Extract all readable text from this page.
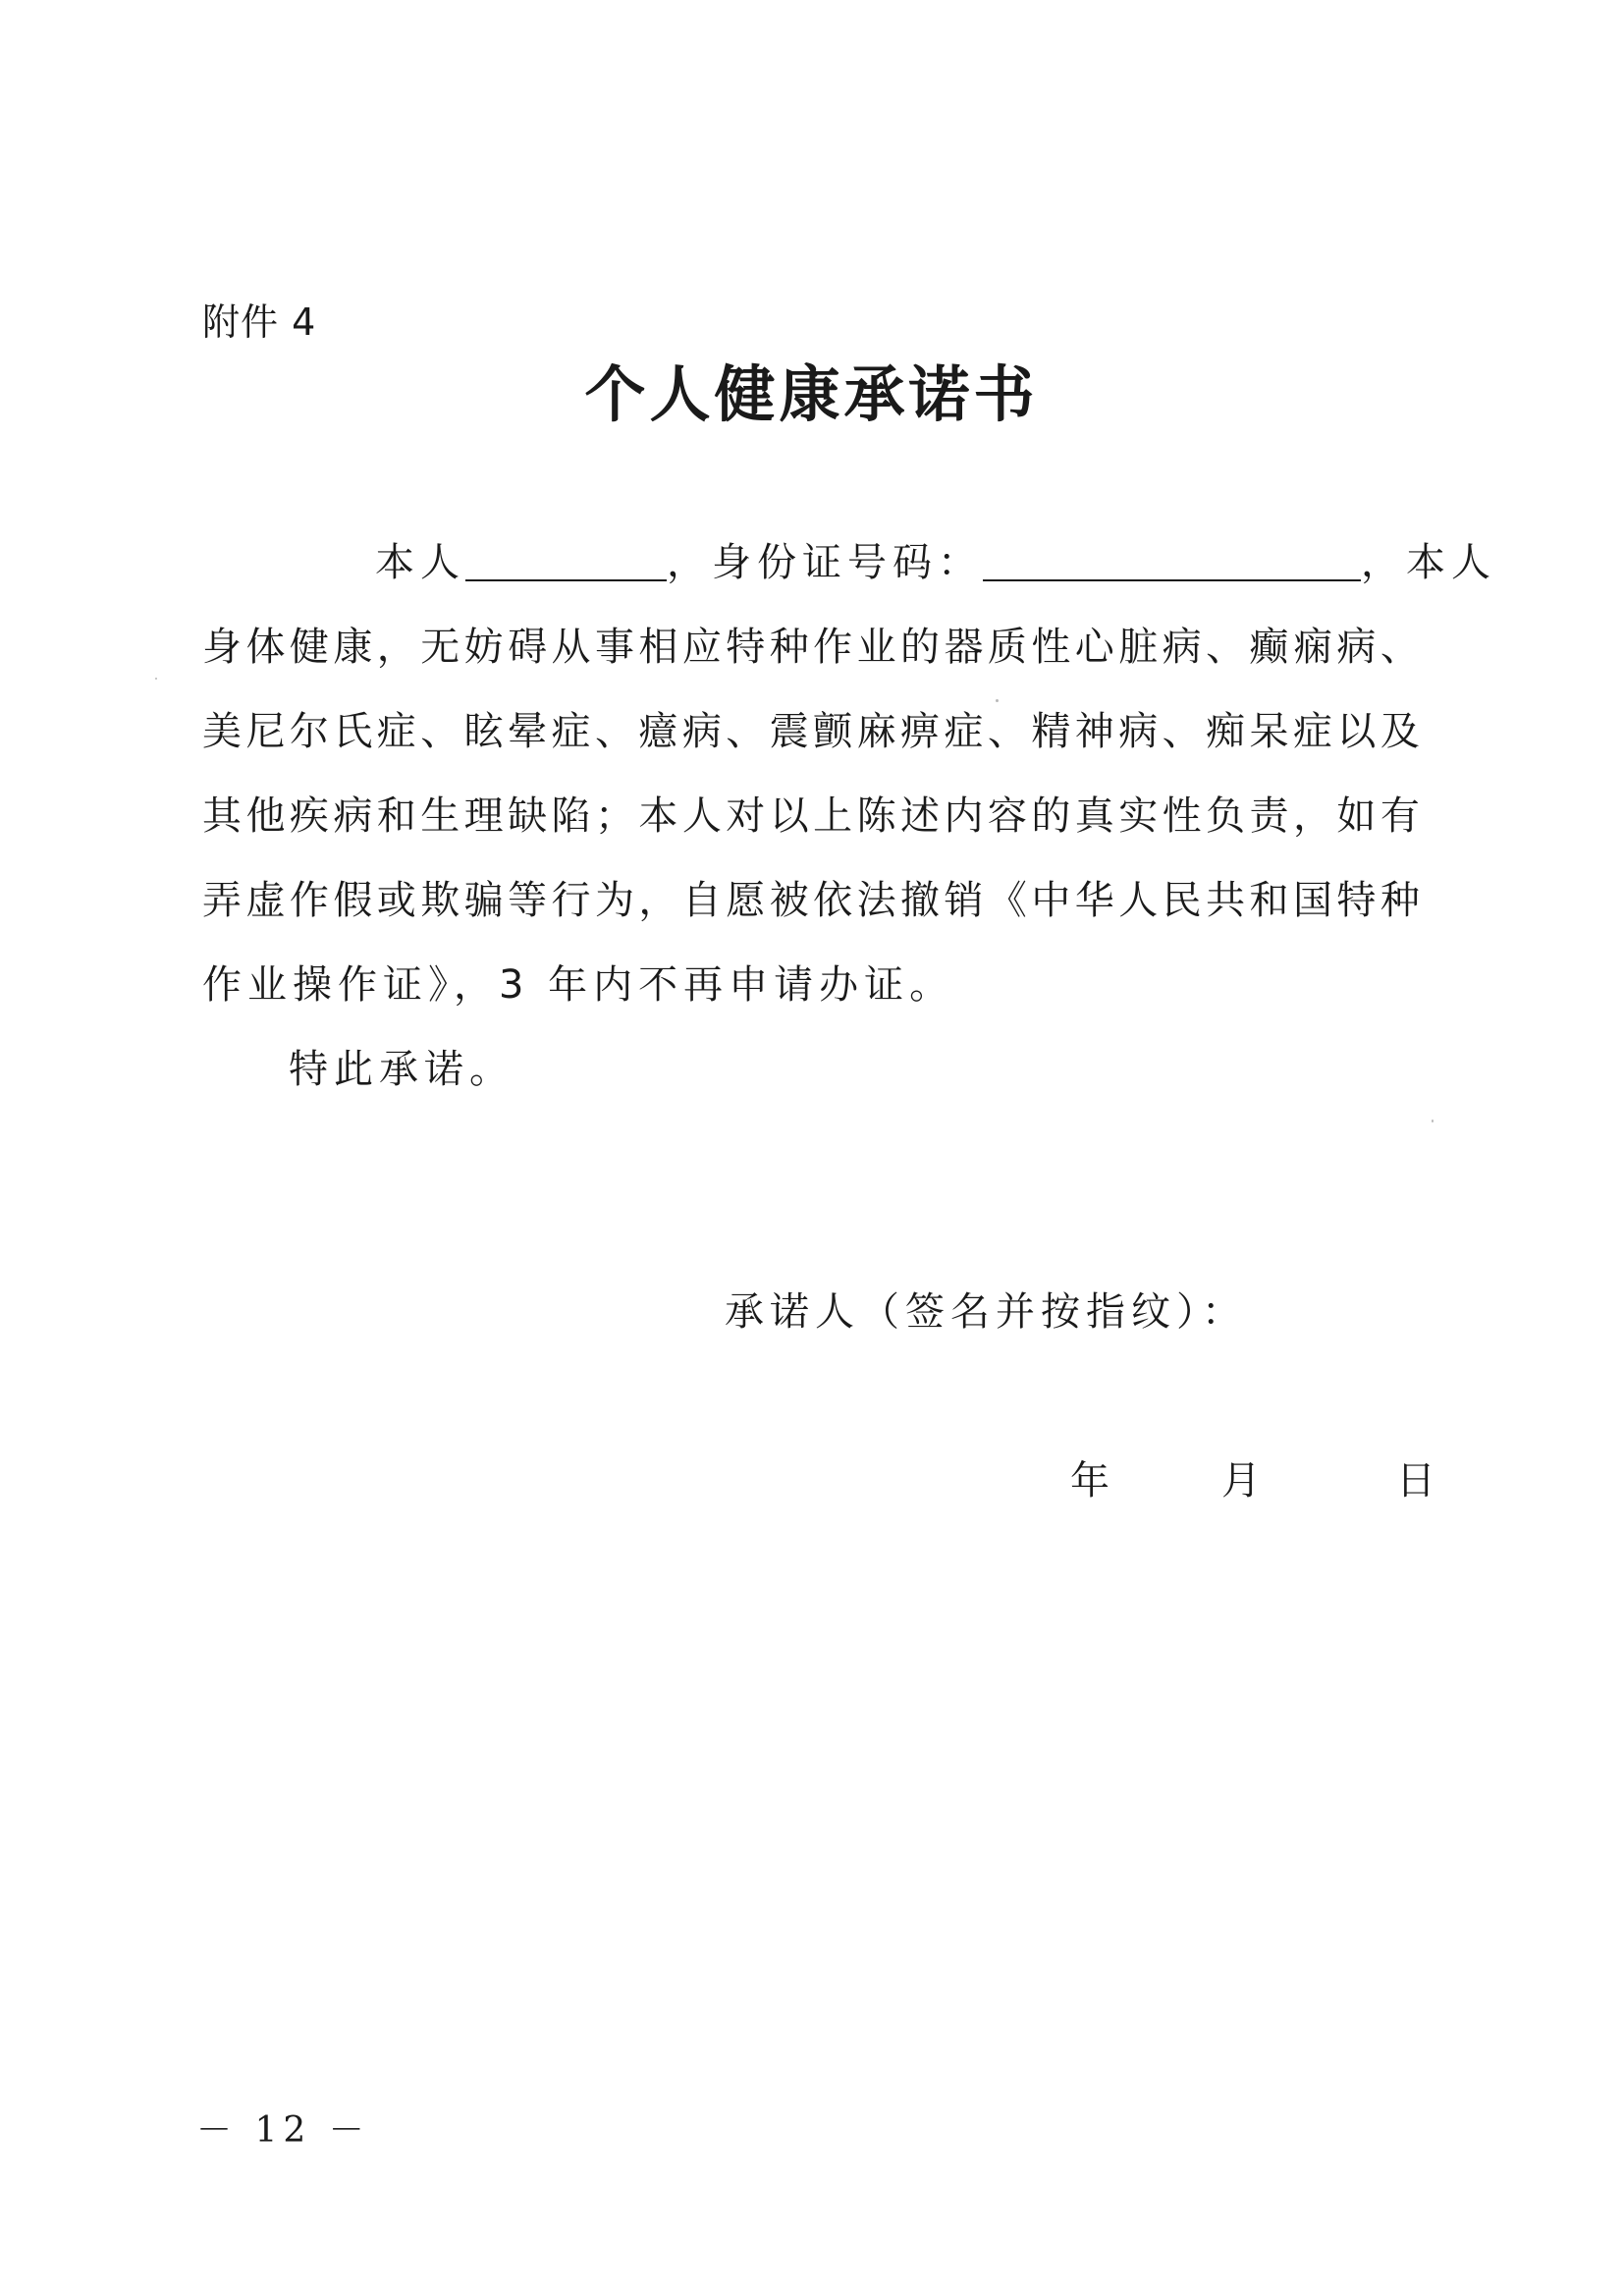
附件 4
个人健康承诺书
本人	，身份证号码：	，本人
身 体 健 康 ， 无 妨 碍 从 事 相 应 特 种 作 业 的 器 质 性 心 脏 病 、 癫 痫 病 、
美 尼 尔 氏 症 、 眩 晕 症 、 癔 病 、 震 颤 麻 痹 症 、 精 神 病 、 痴 呆 症 以 及
其 他 疾 病 和 生 理 缺 陷 ； 本 人 对 以 上 陈 述 内 容 的 真 实 性 负 责 ， 如 有
弄 虚 作 假 或 欺 骗 等 行 为 ， 自 愿 被 依 法 撤 销 《 中 华 人 民 共 和 国 特 种
作业操作证》，3 年内不再申请办证。
特此承诺。
承诺人（签名并按指纹）：
年	月	日
－ 12 －
